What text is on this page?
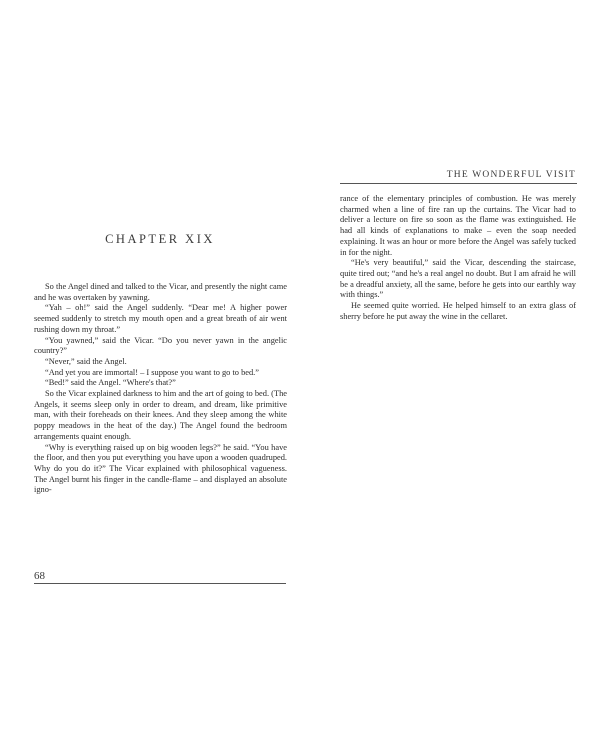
CHAPTER XIX

So the Angel dined and talked to the Vicar, and presently the night came and he was overtaken by yawning.

“Yah – oh!” said the Angel suddenly. “Dear me! A higher power seemed suddenly to stretch my mouth open and a great breath of air went rushing down my throat.”

“You yawned,” said the Vicar. “Do you never yawn in the angelic country?”

“Never,” said the Angel.

“And yet you are immortal! – I suppose you want to go to bed.”

“Bed!” said the Angel. “Where's that?”

So the Vicar explained darkness to him and the art of going to bed. (The Angels, it seems sleep only in order to dream, and dream, like primitive man, with their foreheads on their knees. And they sleep among the white poppy meadows in the heat of the day.) The Angel found the bedroom arrangements quaint enough.

“Why is everything raised up on big wooden legs?” he said. “You have the floor, and then you put everything you have upon a wooden quadruped. Why do you do it?” The Vicar explained with philosophical vagueness. The Angel burnt his finger in the candle-flame – and displayed an absolute igno-

68

THE WONDERFUL VISIT

rance of the elementary principles of combustion. He was merely charmed when a line of fire ran up the curtains. The Vicar had to deliver a lecture on fire so soon as the flame was extinguished. He had all kinds of explanations to make – even the soap needed explaining. It was an hour or more before the Angel was safely tucked in for the night.

“He's very beautiful,” said the Vicar, descending the staircase, quite tired out; “and he's a real angel no doubt. But I am afraid he will be a dreadful anxiety, all the same, before he gets into our earthly way with things.”

He seemed quite worried. He helped himself to an extra glass of sherry before he put away the wine in the cellaret.
